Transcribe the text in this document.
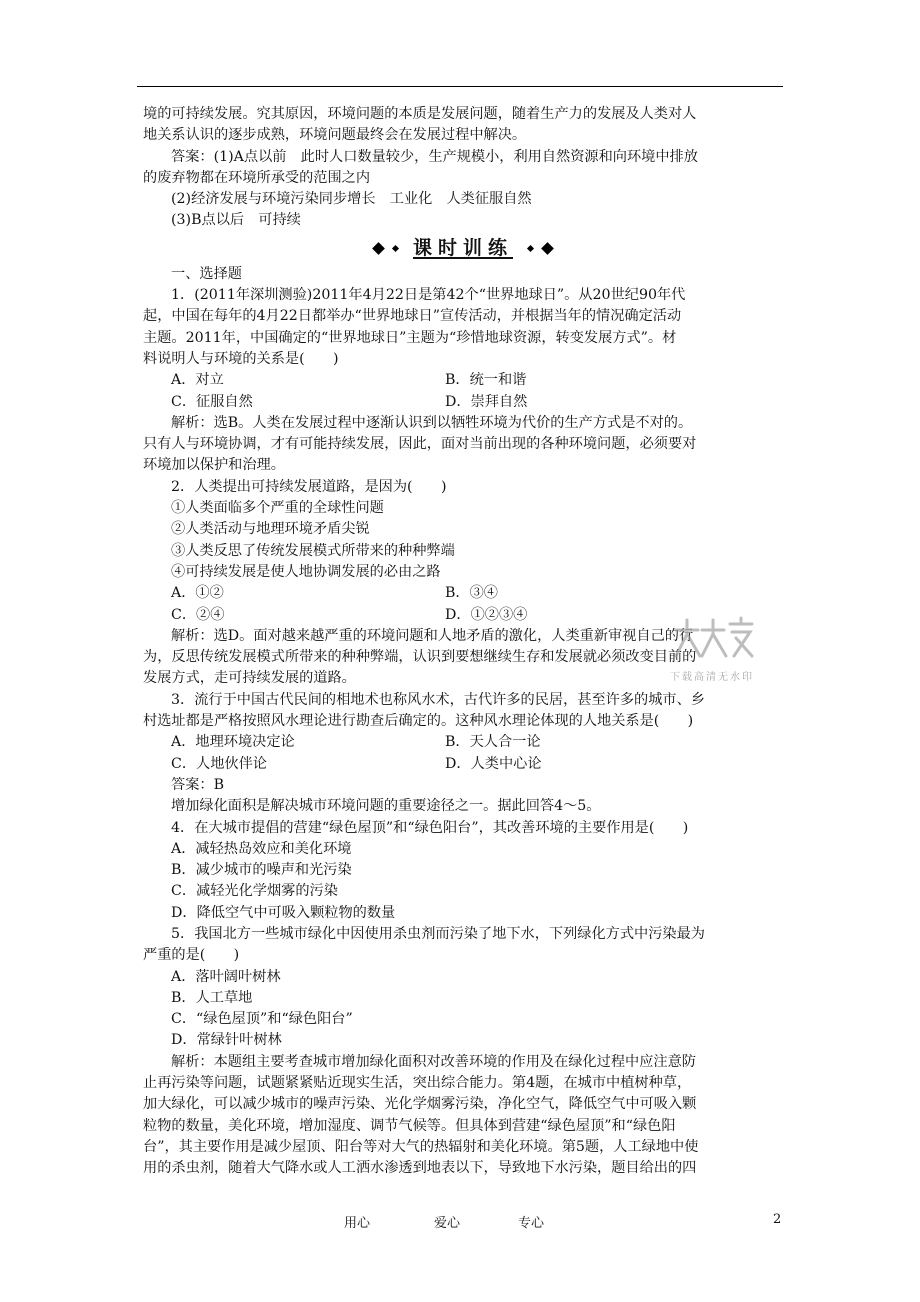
境的可持续发展。究其原因，环境问题的本质是发展问题，随着生产力的发展及人类对人

地关系认识的逐步成熟，环境问题最终会在发展过程中解决。

答案：(1)A点以前　此时人口数量较少，生产规模小，利用自然资源和向环境中排放

的废弃物都在环境所承受的范围之内

(2)经济发展与环境污染同步增长　工业化　人类征服自然

(3)B点以后　可持续

课时训练

一、选择题

1．(2011年深圳测验)2011年4月22日是第42个“世界地球日”。从20世纪90年代

起，中国在每年的4月22日都举办“世界地球日”宣传活动，并根据当年的情况确定活动

主题。2011年，中国确定的“世界地球日”主题为“珍惜地球资源，转变发展方式”。材

料说明人与环境的关系是(　　)

A．对立	B．统一和谐
C．征服自然	D．崇拜自然

解析：选B。人类在发展过程中逐渐认识到以牺牲环境为代价的生产方式是不对的。

只有人与环境协调，才有可能持续发展，因此，面对当前出现的各种环境问题，必须要对

环境加以保护和治理。

2．人类提出可持续发展道路，是因为(　　)

①人类面临多个严重的全球性问题

②人类活动与地理环境矛盾尖锐

③人类反思了传统发展模式所带来的种种弊端

④可持续发展是使人地协调发展的必由之路

A．①②	B．③④
C．②④	D．①②③④

解析：选D。面对越来越严重的环境问题和人地矛盾的激化，人类重新审视自己的行

为，反思传统发展模式所带来的种种弊端，认识到要想继续生存和发展就必须改变目前的

发展方式，走可持续发展的道路。

3．流行于中国古代民间的相地术也称风水术，古代许多的民居，甚至许多的城市、乡

村选址都是严格按照风水理论进行勘查后确定的。这种风水理论体现的人地关系是(　　)

A．地理环境决定论	B．天人合一论
C．人地伙伴论	D．人类中心论

答案：B

增加绿化面积是解决城市环境问题的重要途径之一。据此回答4～5。

4．在大城市提倡的营建“绿色屋顶”和“绿色阳台”，其改善环境的主要作用是(　　)

A．减轻热岛效应和美化环境

B．减少城市的噪声和光污染

C．减轻光化学烟雾的污染

D．降低空气中可吸入颗粒物的数量

5．我国北方一些城市绿化中因使用杀虫剂而污染了地下水，下列绿化方式中污染最为

严重的是(　　)

A．落叶阔叶树林

B．人工草地

C．“绿色屋顶”和“绿色阳台”

D．常绿针叶树林

解析：本题组主要考查城市增加绿化面积对改善环境的作用及在绿化过程中应注意防

止再污染等问题，试题紧紧贴近现实生活，突出综合能力。第4题，在城市中植树种草，

加大绿化，可以减少城市的噪声污染、光化学烟雾污染，净化空气，降低空气中可吸入颗

粒物的数量，美化环境，增加湿度、调节气候等。但具体到营建“绿色屋顶”和“绿色阳

台”，其主要作用是减少屋顶、阳台等对大气的热辐射和美化环境。第5题，人工绿地中使

用的杀虫剂，随着大气降水或人工洒水渗透到地表以下，导致地下水污染，题目给出的四

下载高清无水印
用心	爱心	专心	2
